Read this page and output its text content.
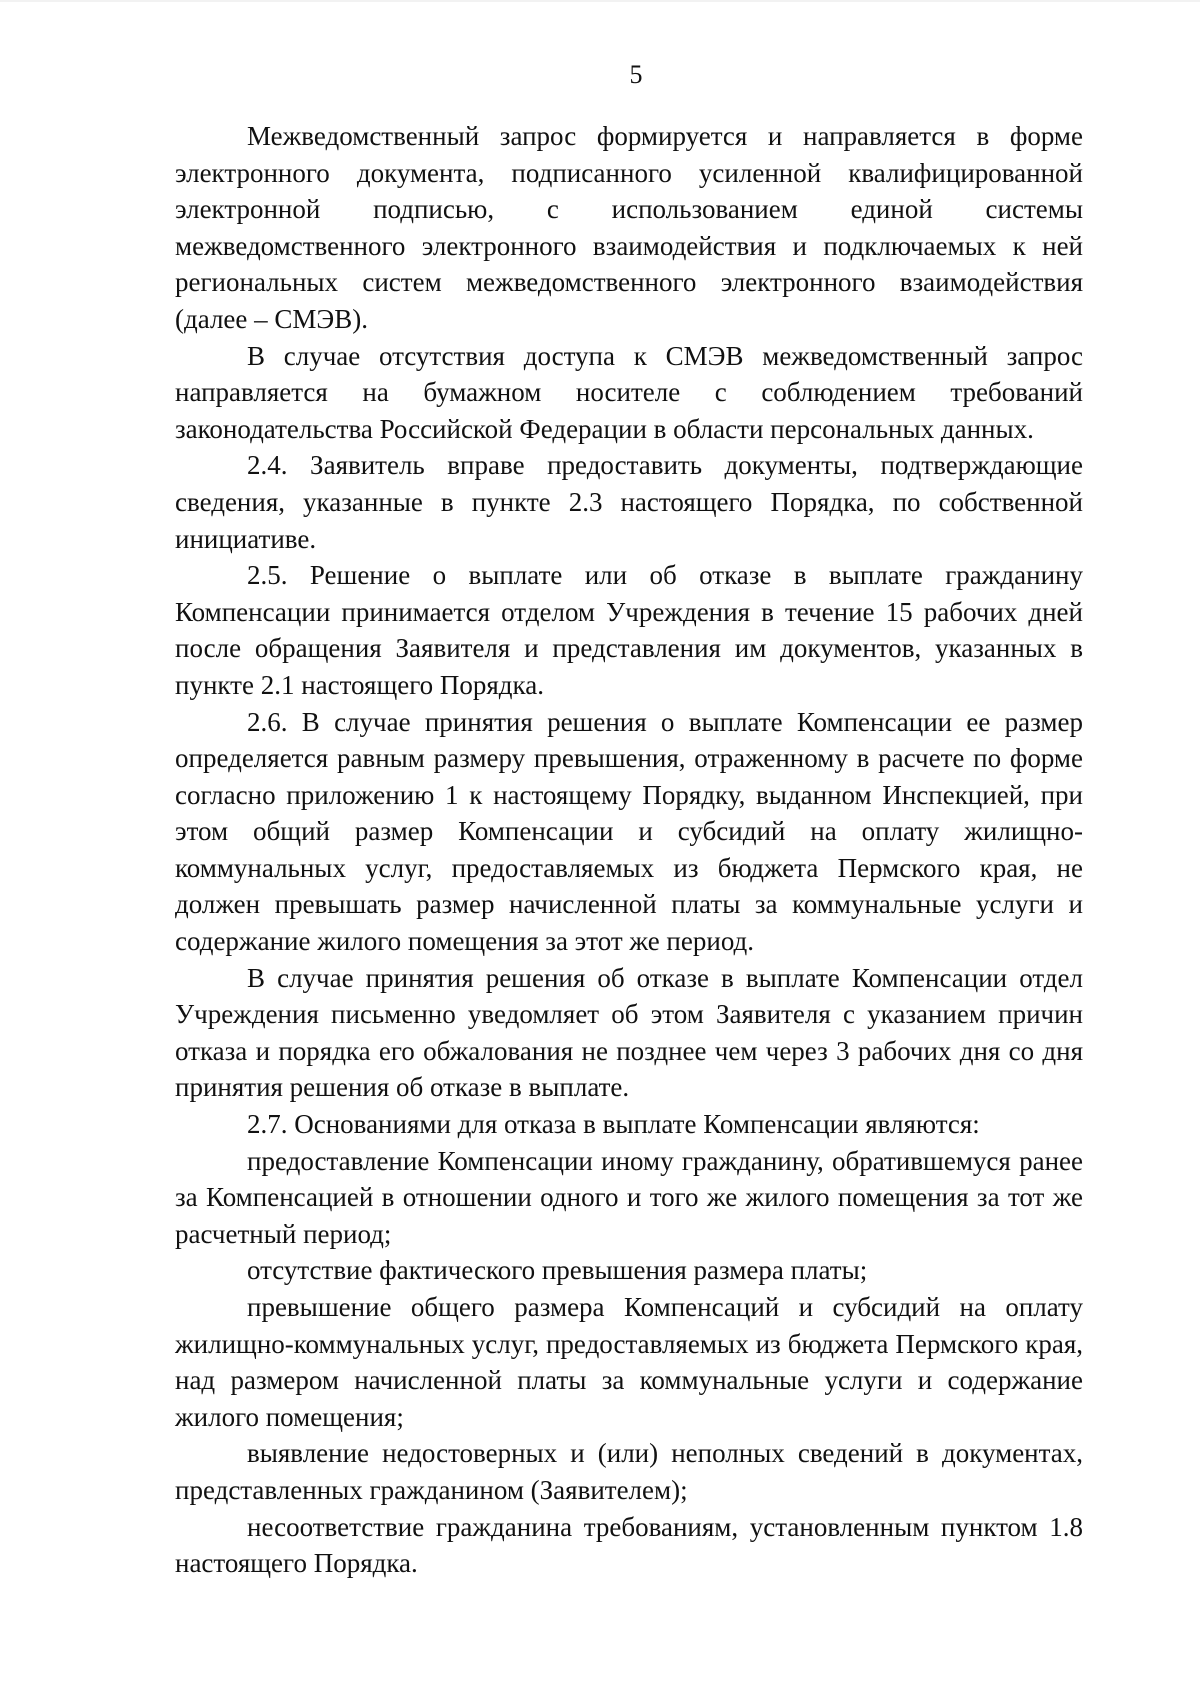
5

Межведомственный запрос формируется и направляется в форме электронного документа, подписанного усиленной квалифицированной электронной подписью, с использованием единой системы межведомственного электронного взаимодействия и подключаемых к ней региональных систем межведомственного электронного взаимодействия (далее – СМЭВ).

В случае отсутствия доступа к СМЭВ межведомственный запрос направляется на бумажном носителе с соблюдением требований законодательства Российской Федерации в области персональных данных.

2.4. Заявитель вправе предоставить документы, подтверждающие сведения, указанные в пункте 2.3 настоящего Порядка, по собственной инициативе.

2.5. Решение о выплате или об отказе в выплате гражданину Компенсации принимается отделом Учреждения в течение 15 рабочих дней после обращения Заявителя и представления им документов, указанных в пункте 2.1 настоящего Порядка.

2.6. В случае принятия решения о выплате Компенсации ее размер определяется равным размеру превышения, отраженному в расчете по форме согласно приложению 1 к настоящему Порядку, выданном Инспекцией, при этом общий размер Компенсации и субсидий на оплату жилищно-коммунальных услуг, предоставляемых из бюджета Пермского края, не должен превышать размер начисленной платы за коммунальные услуги и содержание жилого помещения за этот же период.

В случае принятия решения об отказе в выплате Компенсации отдел Учреждения письменно уведомляет об этом Заявителя с указанием причин отказа и порядка его обжалования не позднее чем через 3 рабочих дня со дня принятия решения об отказе в выплате.

2.7. Основаниями для отказа в выплате Компенсации являются:

предоставление Компенсации иному гражданину, обратившемуся ранее за Компенсацией в отношении одного и того же жилого помещения за тот же расчетный период;

отсутствие фактического превышения размера платы;

превышение общего размера Компенсаций и субсидий на оплату жилищно-коммунальных услуг, предоставляемых из бюджета Пермского края, над размером начисленной платы за коммунальные услуги и содержание жилого помещения;

выявление недостоверных и (или) неполных сведений в документах, представленных гражданином (Заявителем);

несоответствие гражданина требованиям, установленным пунктом 1.8 настоящего Порядка.
